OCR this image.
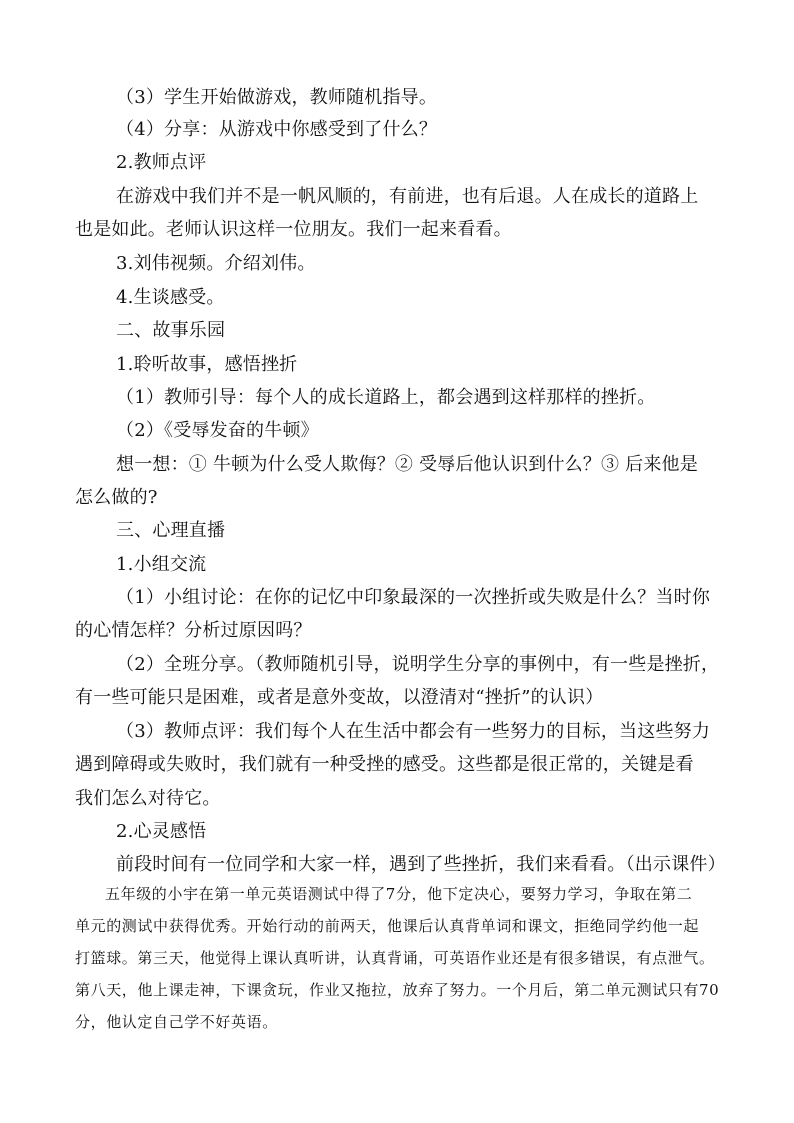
（3）学生开始做游戏，教师随机指导。
（4）分享：从游戏中你感受到了什么？
2.教师点评
在游戏中我们并不是一帆风顺的，有前进，也有后退。人在成长的道路上
也是如此。老师认识这样一位朋友。我们一起来看看。
3.刘伟视频。介绍刘伟。
4.生谈感受。
二、故事乐园
1.聆听故事，感悟挫折
（1）教师引导：每个人的成长道路上，都会遇到这样那样的挫折。
（2）《受辱发奋的牛顿》
想一想：① 牛顿为什么受人欺侮？② 受辱后他认识到什么？③ 后来他是
怎么做的?
三、心理直播
1.小组交流
（1）小组讨论：在你的记忆中印象最深的一次挫折或失败是什么？当时你
的心情怎样？分析过原因吗？
（2）全班分享。（教师随机引导，说明学生分享的事例中，有一些是挫折，
有一些可能只是困难，或者是意外变故，以澄清对“挫折”的认识）
（3）教师点评：我们每个人在生活中都会有一些努力的目标，当这些努力
遇到障碍或失败时，我们就有一种受挫的感受。这些都是很正常的，关键是看
我们怎么对待它。
2.心灵感悟
前段时间有一位同学和大家一样，遇到了些挫折，我们来看看。（出示课件）
五年级的小宇在第一单元英语测试中得了7分，他下定决心，要努力学习，争取在第二
单元的测试中获得优秀。开始行动的前两天，他课后认真背单词和课文，拒绝同学约他一起
打篮球。第三天，他觉得上课认真听讲，认真背诵，可英语作业还是有很多错误，有点泄气。
第八天，他上课走神，下课贪玩，作业又拖拉，放弃了努力。一个月后，第二单元测试只有70
分，他认定自己学不好英语。
